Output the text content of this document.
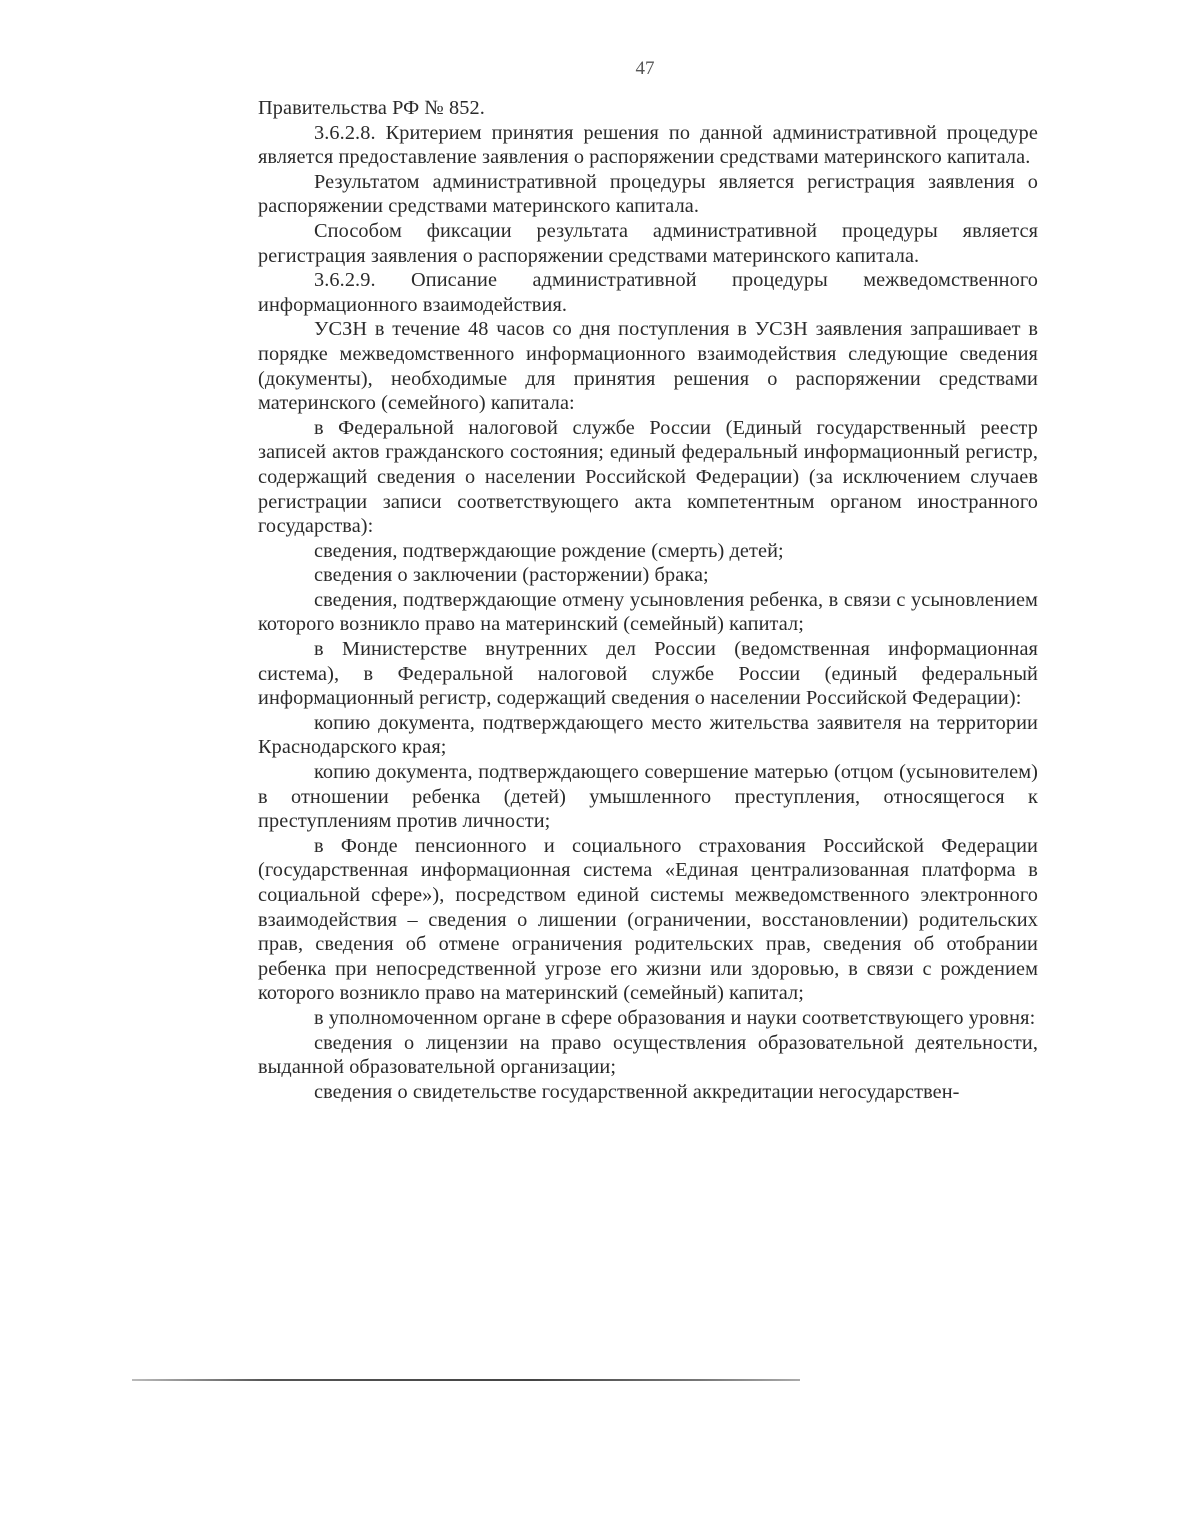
47

Правительства РФ № 852.

3.6.2.8. Критерием принятия решения по данной административной процедуре является предоставление заявления о распоряжении средствами материнского капитала.

Результатом административной процедуры является регистрация заявления о распоряжении средствами материнского капитала.

Способом фиксации результата административной процедуры является регистрация заявления о распоряжении средствами материнского капитала.

3.6.2.9. Описание административной процедуры межведомственного информационного взаимодействия.

УСЗН в течение 48 часов со дня поступления в УСЗН заявления запрашивает в порядке межведомственного информационного взаимодействия следующие сведения (документы), необходимые для принятия решения о распоряжении средствами материнского (семейного) капитала:

в Федеральной налоговой службе России (Единый государственный реестр записей актов гражданского состояния; единый федеральный информационный регистр, содержащий сведения о населении Российской Федерации) (за исключением случаев регистрации записи соответствующего акта компетентным органом иностранного государства):

сведения, подтверждающие рождение (смерть) детей;

сведения о заключении (расторжении) брака;

сведения, подтверждающие отмену усыновления ребенка, в связи с усыновлением которого возникло право на материнский (семейный) капитал;

в Министерстве внутренних дел России (ведомственная информационная система), в Федеральной налоговой службе России (единый федеральный информационный регистр, содержащий сведения о населении Российской Федерации):

копию документа, подтверждающего место жительства заявителя на территории Краснодарского края;

копию документа, подтверждающего совершение матерью (отцом (усыновителем) в отношении ребенка (детей) умышленного преступления, относящегося к преступлениям против личности;

в Фонде пенсионного и социального страхования Российской Федерации (государственная информационная система «Единая централизованная платформа в социальной сфере»), посредством единой системы межведомственного электронного взаимодействия – сведения о лишении (ограничении, восстановлении) родительских прав, сведения об отмене ограничения родительских прав, сведения об отобрании ребенка при непосредственной угрозе его жизни или здоровью, в связи с рождением которого возникло право на материнский (семейный) капитал;

в уполномоченном органе в сфере образования и науки соответствующего уровня:

сведения о лицензии на право осуществления образовательной деятельности, выданной образовательной организации;

сведения о свидетельстве государственной аккредитации негосударствен-
